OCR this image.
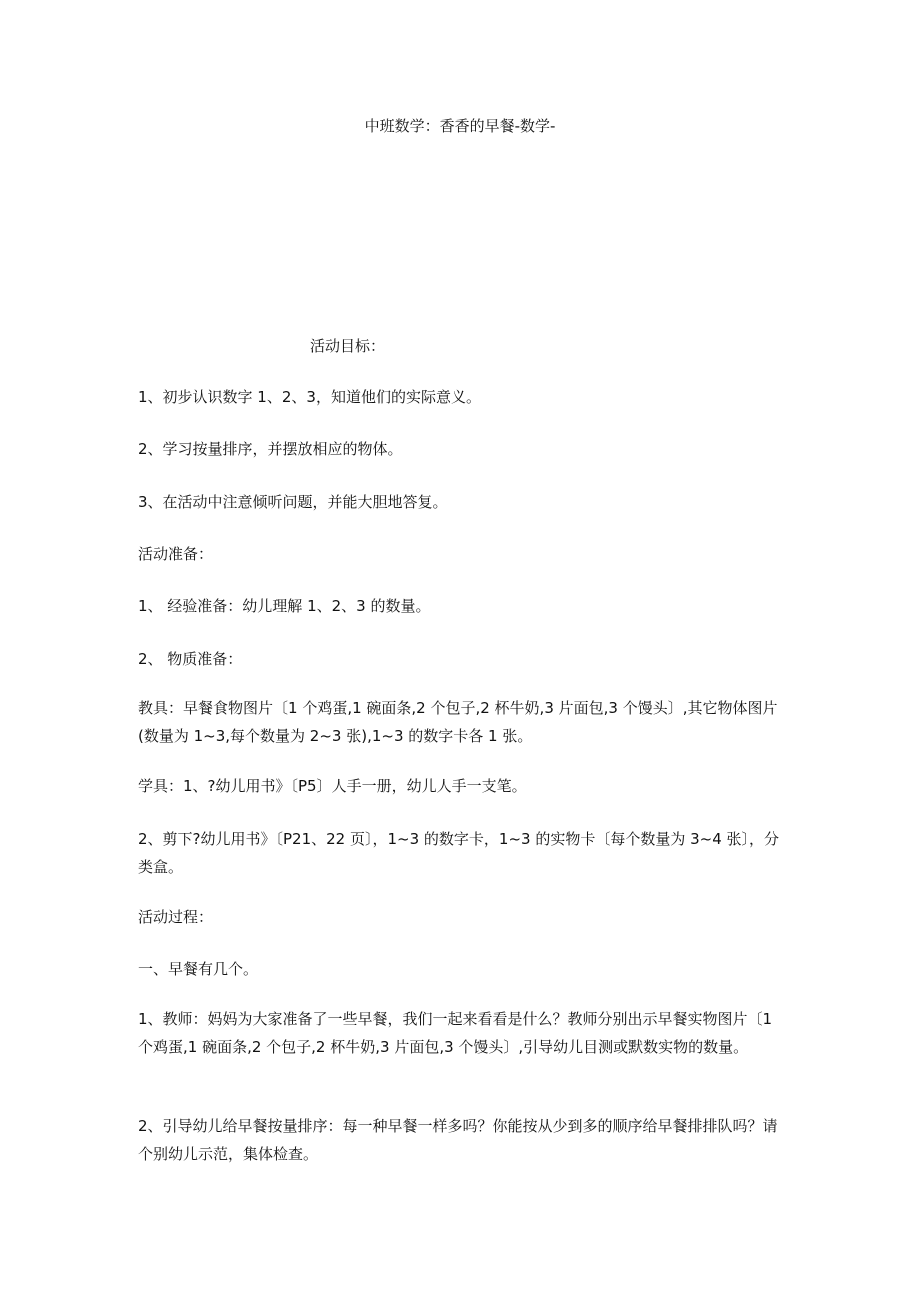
中班数学：香香的早餐-数学-
活动目标：
1、初步认识数字 1、2、3，知道他们的实际意义。
2、学习按量排序，并摆放相应的物体。
3、在活动中注意倾听问题，并能大胆地答复。
活动准备：
1、 经验准备：幼儿理解 1、2、3 的数量。
2、 物质准备：
教具：早餐食物图片〔1 个鸡蛋,1 碗面条,2 个包子,2 杯牛奶,3 片面包,3 个馒头〕,其它物体图片(数量为 1~3,每个数量为 2~3 张),1~3 的数字卡各 1 张。
学具：1、?幼儿用书》〔P5〕人手一册，幼儿人手一支笔。
2、剪下?幼儿用书》〔P21、22 页〕，1~3 的数字卡，1~3 的实物卡〔每个数量为 3~4 张〕，分类盒。
活动过程：
一、早餐有几个。
1、教师：妈妈为大家准备了一些早餐，我们一起来看看是什么？教师分别出示早餐实物图片〔1 个鸡蛋,1 碗面条,2 个包子,2 杯牛奶,3 片面包,3 个馒头〕,引导幼儿目测或默数实物的数量。
2、引导幼儿给早餐按量排序：每一种早餐一样多吗？你能按从少到多的顺序给早餐排排队吗？请个别幼儿示范，集体检查。
